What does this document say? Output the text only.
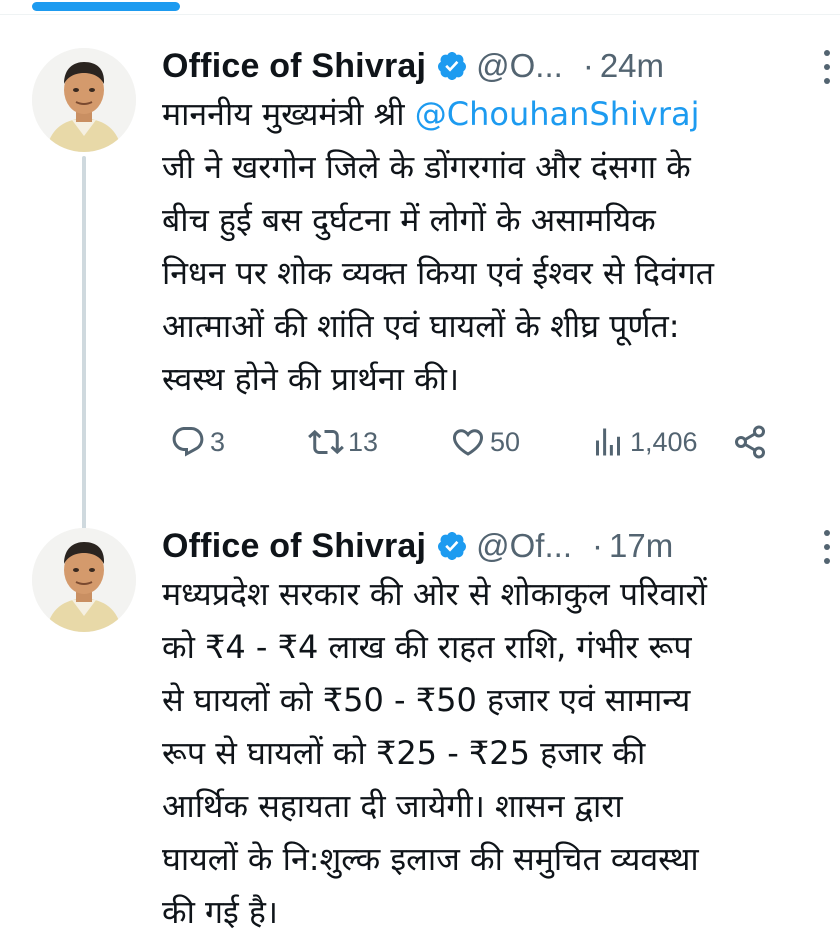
Office of Shivraj @O... · 24m
माननीय मुख्यमंत्री श्री @ChouhanShivraj
जी ने खरगोन जिले के डोंगरगांव और दंसगा के
बीच हुई बस दुर्घटना में लोगों के असामयिक
निधन पर शोक व्यक्त किया एवं ईश्वर से दिवंगत
आत्माओं की शांति एवं घायलों के शीघ्र पूर्णत:
स्वस्थ होने की प्रार्थना की।
3	13	50	1,406
Office of Shivraj @Of... · 17m
मध्यप्रदेश सरकार की ओर से शोकाकुल परिवारों
को ₹4 - ₹4 लाख की राहत राशि, गंभीर रूप
से घायलों को ₹50 - ₹50 हजार एवं सामान्य
रूप से घायलों को ₹25 - ₹25 हजार की
आर्थिक सहायता दी जायेगी। शासन द्वारा
घायलों के नि:शुल्क इलाज की समुचित व्यवस्था
की गई है।
